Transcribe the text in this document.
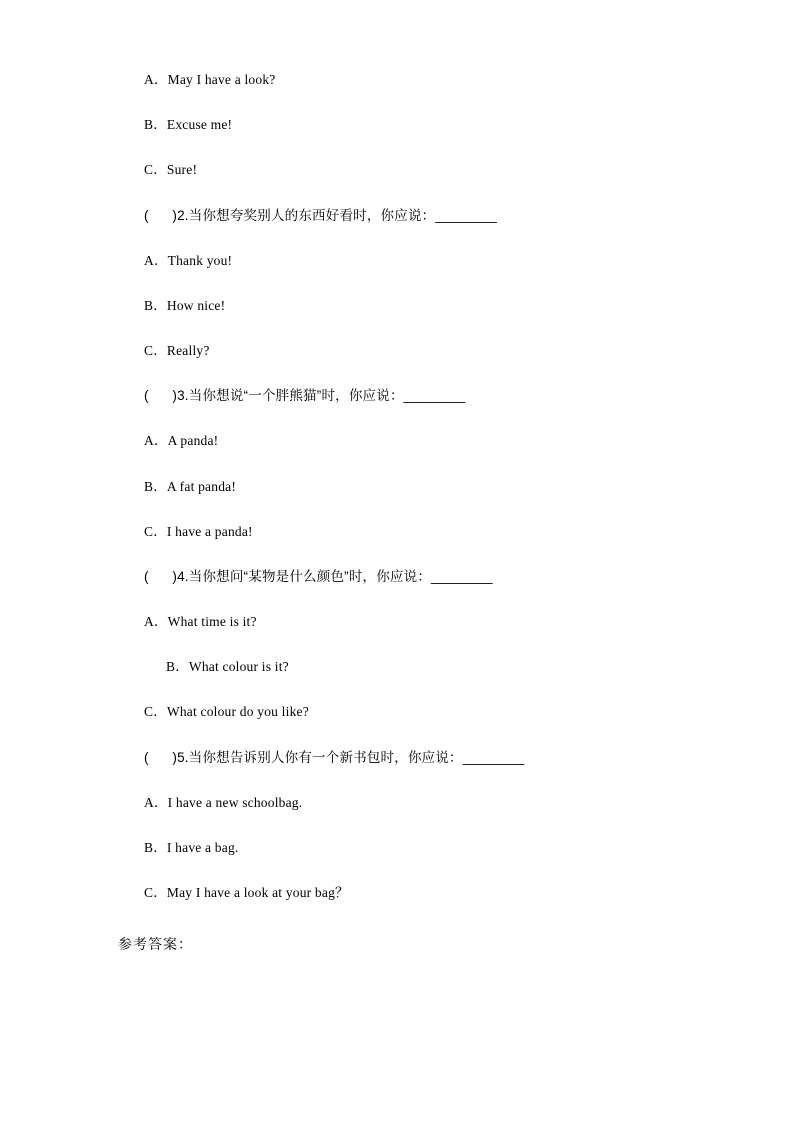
A．May I have a look?

B．Excuse me!

C．Sure!

(      )2.当你想夸奖别人的东西好看时，你应说：________

A．Thank you!

B．How nice!

C．Really?

(      )3.当你想说“一个胖熊猫”时，你应说：________

A．A panda!

B．A fat panda!

C．I have a panda!

(      )4.当你想问“某物是什么颜色”时，你应说：________

A．What time is it?

B．What colour is it?

C．What colour do you like?

(      )5.当你想告诉别人你有一个新书包时，你应说：________

A．I have a new schoolbag.

B．I have a bag.

C．May I have a look at your bag？

参考答案：
